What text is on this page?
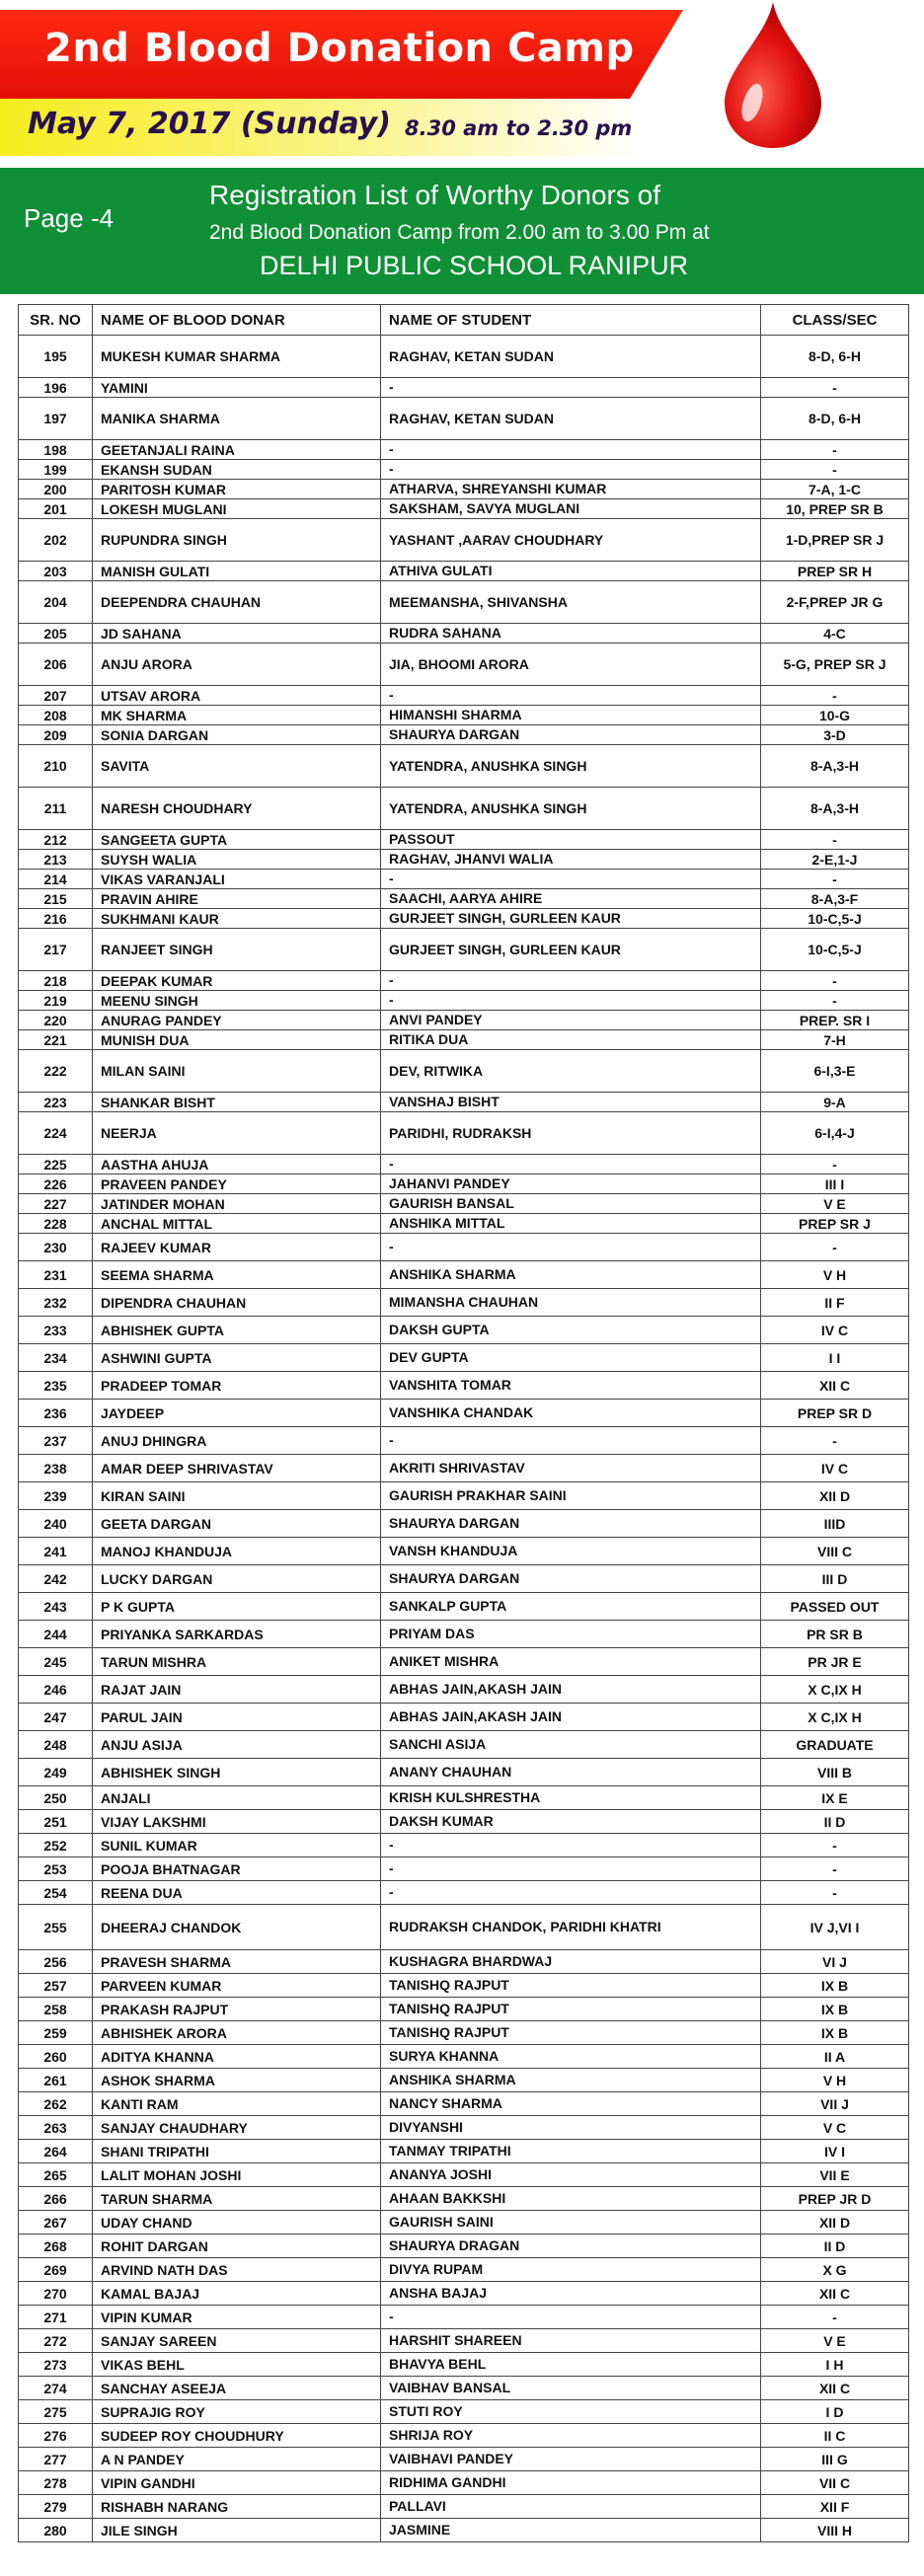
2nd Blood Donation Camp
May 7, 2017 (Sunday) 8.30 am to 2.30 pm
Page -4
Registration List of Worthy Donors of
2nd Blood Donation Camp from 2.00 am to 3.00 Pm at
DELHI PUBLIC SCHOOL RANIPUR
SR. NO	NAME OF BLOOD DONAR	NAME OF STUDENT	CLASS/SEC
195 MUKESH KUMAR SHARMA	RAGHAV, KETAN SUDAN	8-D, 6-H
196 YAMINI	-	-
197 MANIKA SHARMA	RAGHAV, KETAN SUDAN	8-D, 6-H
198 GEETANJALI RAINA	-	-
199 EKANSH SUDAN	-	-
200 PARITOSH KUMAR	ATHARVA, SHREYANSHI KUMAR	7-A, 1-C
201 LOKESH MUGLANI	SAKSHAM, SAVYA MUGLANI	10, PREP SR B
202 RUPUNDRA SINGH	YASHANT ,AARAV CHOUDHARY	1-D,PREP SR J
203 MANISH GULATI	ATHIVA GULATI	PREP SR H
204 DEEPENDRA CHAUHAN	MEEMANSHA, SHIVANSHA	2-F,PREP JR G
205 JD SAHANA	RUDRA SAHANA	4-C
206 ANJU ARORA	JIA, BHOOMI ARORA	5-G, PREP SR J
207 UTSAV ARORA	-	-
208 MK SHARMA	HIMANSHI SHARMA	10-G
209 SONIA DARGAN	SHAURYA DARGAN	3-D
210 SAVITA	YATENDRA, ANUSHKA SINGH	8-A,3-H
211 NARESH CHOUDHARY	YATENDRA, ANUSHKA SINGH	8-A,3-H
212 SANGEETA GUPTA	PASSOUT	-
213 SUYSH WALIA	RAGHAV, JHANVI WALIA	2-E,1-J
214 VIKAS VARANJALI	-	-
215 PRAVIN AHIRE	SAACHI, AARYA AHIRE	8-A,3-F
216 SUKHMANI KAUR	GURJEET SINGH, GURLEEN KAUR	10-C,5-J
217 RANJEET SINGH	GURJEET SINGH, GURLEEN KAUR	10-C,5-J
218 DEEPAK KUMAR	-	-
219 MEENU SINGH	-	-
220 ANURAG PANDEY	ANVI PANDEY	PREP. SR I
221 MUNISH DUA	RITIKA DUA	7-H
222 MILAN SAINI	DEV, RITWIKA	6-I,3-E
223 SHANKAR BISHT	VANSHAJ BISHT	9-A
224 NEERJA	PARIDHI, RUDRAKSH	6-I,4-J
225 AASTHA AHUJA	-	-
226 PRAVEEN PANDEY	JAHANVI PANDEY	III I
227 JATINDER MOHAN	GAURISH BANSAL	V E
228 ANCHAL MITTAL	ANSHIKA MITTAL	PREP SR J
230 RAJEEV KUMAR	-	-
231 SEEMA SHARMA	ANSHIKA SHARMA	V H
232 DIPENDRA CHAUHAN	MIMANSHA CHAUHAN	II F
233 ABHISHEK GUPTA	DAKSH GUPTA	IV C
234 ASHWINI GUPTA	DEV GUPTA	I I
235 PRADEEP TOMAR	VANSHITA TOMAR	XII C
236 JAYDEEP	VANSHIKA CHANDAK	PREP SR D
237 ANUJ DHINGRA	-	-
238 AMAR DEEP SHRIVASTAV	AKRITI SHRIVASTAV	IV C
239 KIRAN SAINI	GAURISH PRAKHAR SAINI	XII D
240 GEETA DARGAN	SHAURYA DARGAN	IIID
241 MANOJ KHANDUJA	VANSH KHANDUJA	VIII C
242 LUCKY DARGAN	SHAURYA DARGAN	III D
243 P K GUPTA	SANKALP GUPTA	PASSED OUT
244 PRIYANKA SARKARDAS	PRIYAM DAS	PR SR B
245 TARUN MISHRA	ANIKET MISHRA	PR JR E
246 RAJAT JAIN	ABHAS JAIN,AKASH JAIN	X C,IX H
247 PARUL JAIN	ABHAS JAIN,AKASH JAIN	X C,IX H
248 ANJU ASIJA	SANCHI ASIJA	GRADUATE
249 ABHISHEK SINGH	ANANY CHAUHAN	VIII B
250 ANJALI	KRISH KULSHRESTHA	IX E
251 VIJAY LAKSHMI	DAKSH KUMAR	II D
252 SUNIL KUMAR	-	-
253 POOJA BHATNAGAR	-	-
254 REENA DUA	-	-
255 DHEERAJ CHANDOK	RUDRAKSH CHANDOK, PARIDHI KHATRI	IV J,VI I
256 PRAVESH SHARMA	KUSHAGRA BHARDWAJ	VI J
257 PARVEEN KUMAR	TANISHQ RAJPUT	IX B
258 PRAKASH RAJPUT	TANISHQ RAJPUT	IX B
259 ABHISHEK ARORA	TANISHQ RAJPUT	IX B
260 ADITYA KHANNA	SURYA KHANNA	II A
261 ASHOK SHARMA	ANSHIKA SHARMA	V H
262 KANTI RAM	NANCY SHARMA	VII J
263 SANJAY CHAUDHARY	DIVYANSHI	V C
264 SHANI TRIPATHI	TANMAY TRIPATHI	IV I
265 LALIT MOHAN JOSHI	ANANYA JOSHI	VII E
266 TARUN SHARMA	AHAAN BAKKSHI	PREP JR D
267 UDAY CHAND	GAURISH SAINI	XII D
268 ROHIT DARGAN	SHAURYA DRAGAN	II D
269 ARVIND NATH DAS	DIVYA RUPAM	X G
270 KAMAL BAJAJ	ANSHA BAJAJ	XII C
271 VIPIN KUMAR	-	-
272 SANJAY SAREEN	HARSHIT SHAREEN	V E
273 VIKAS BEHL	BHAVYA BEHL	I H
274 SANCHAY ASEEJA	VAIBHAV BANSAL	XII C
275 SUPRAJIG ROY	STUTI ROY	I D
276 SUDEEP ROY CHOUDHURY	SHRIJA ROY	II C
277 A N PANDEY	VAIBHAVI PANDEY	III G
278 VIPIN GANDHI	RIDHIMA GANDHI	VII C
279 RISHABH NARANG	PALLAVI	XII F
280 JILE SINGH	JASMINE	VIII H
